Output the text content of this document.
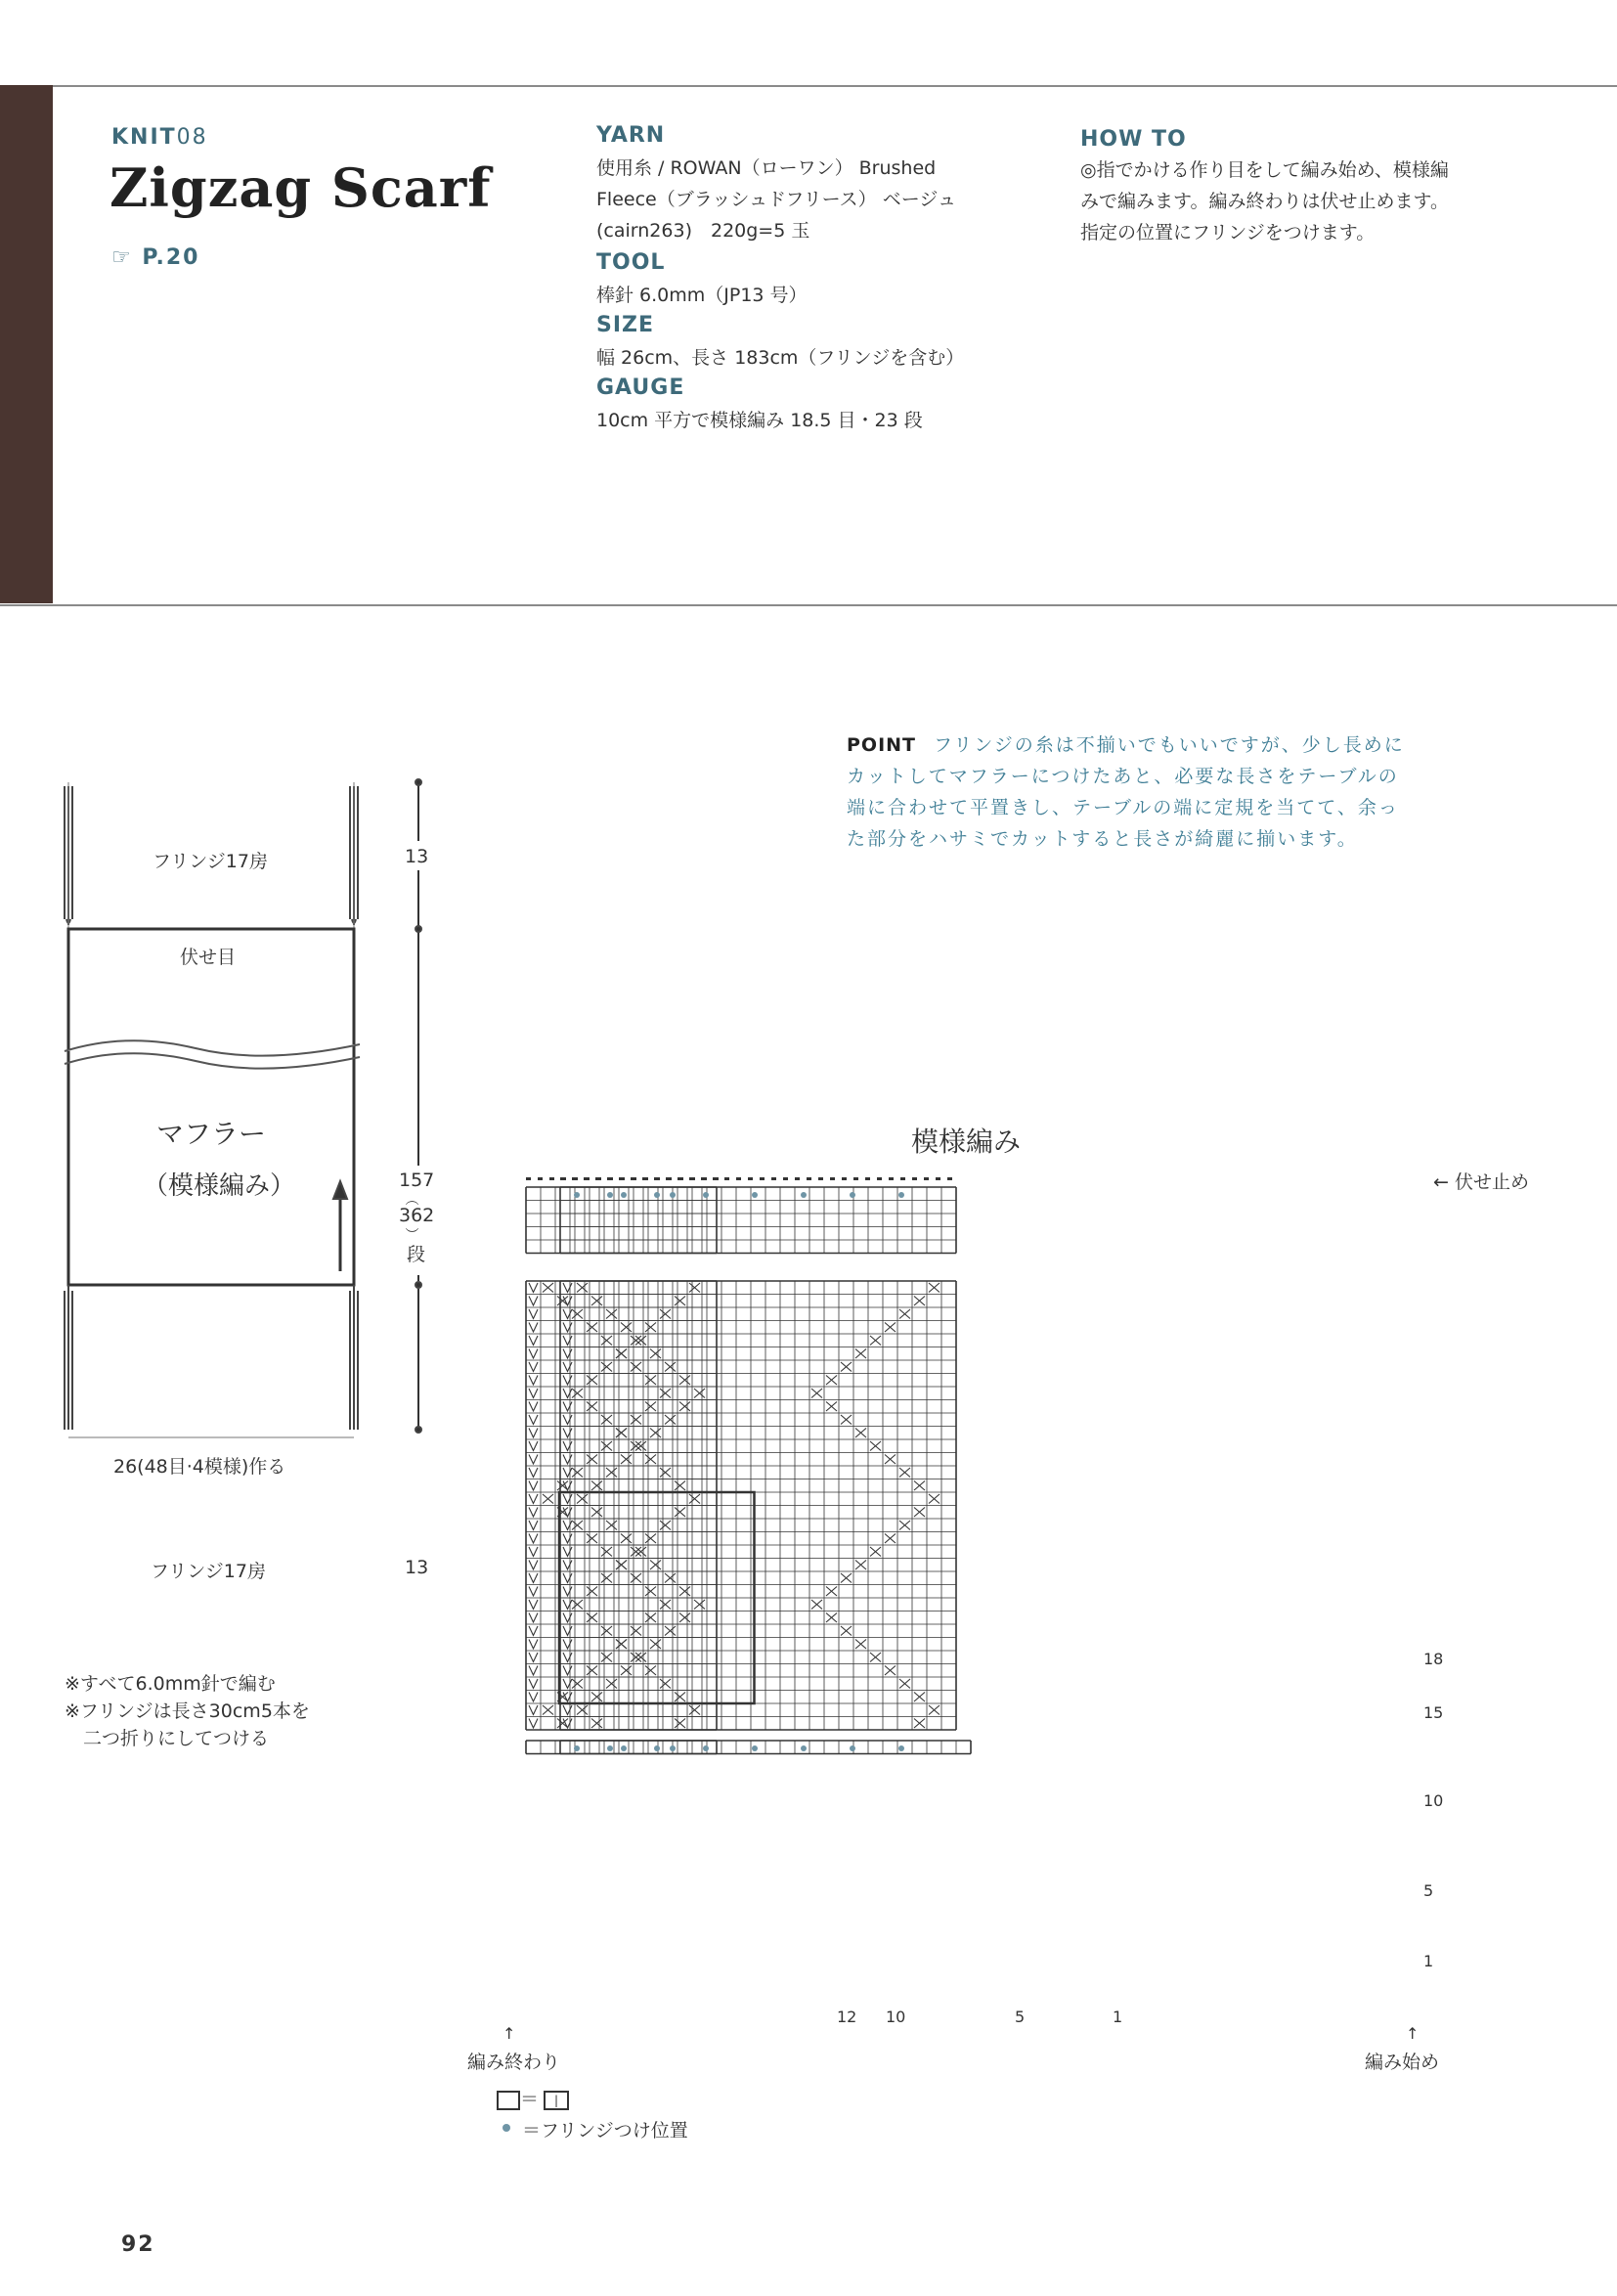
KNIT08
Zigzag Scarf
☞ P.20
YARN
使用糸 / ROWAN（ローワン） Brushed
Fleece（ブラッシュドフリース） ベージュ
(cairn263)　220g=5 玉
TOOL
棒針 6.0mm（JP13 号）
SIZE
幅 26cm、長さ 183cm（フリンジを含む）
GAUGE
10cm 平方で模様編み 18.5 目・23 段
HOW TO
◎指でかける作り目をして編み始め、模様編
みで編みます。編み終わりは伏せ止めます。
指定の位置にフリンジをつけます。
POINT フリンジの糸は不揃いでもいいですが、少し長めに
カットしてマフラーにつけたあと、必要な長さをテーブルの
端に合わせて平置きし、テーブルの端に定規を当てて、余っ
た部分をハサミでカットすると長さが綺麗に揃います。
フリンジ17房
伏せ目
マフラー
（模様編み）
26(48目·4模様)作る
フリンジ17房
13
157
（
362
）
段
13
※すべて6.0mm針で編む
※フリンジは長さ30cm5本を
　二つ折りにしてつける
模様編み
← 伏せ止め
18
15
10
5
1
12 10	5	1
↑
編み終わり
↑
編み始め
＝	|
＝フリンジつけ位置
92
